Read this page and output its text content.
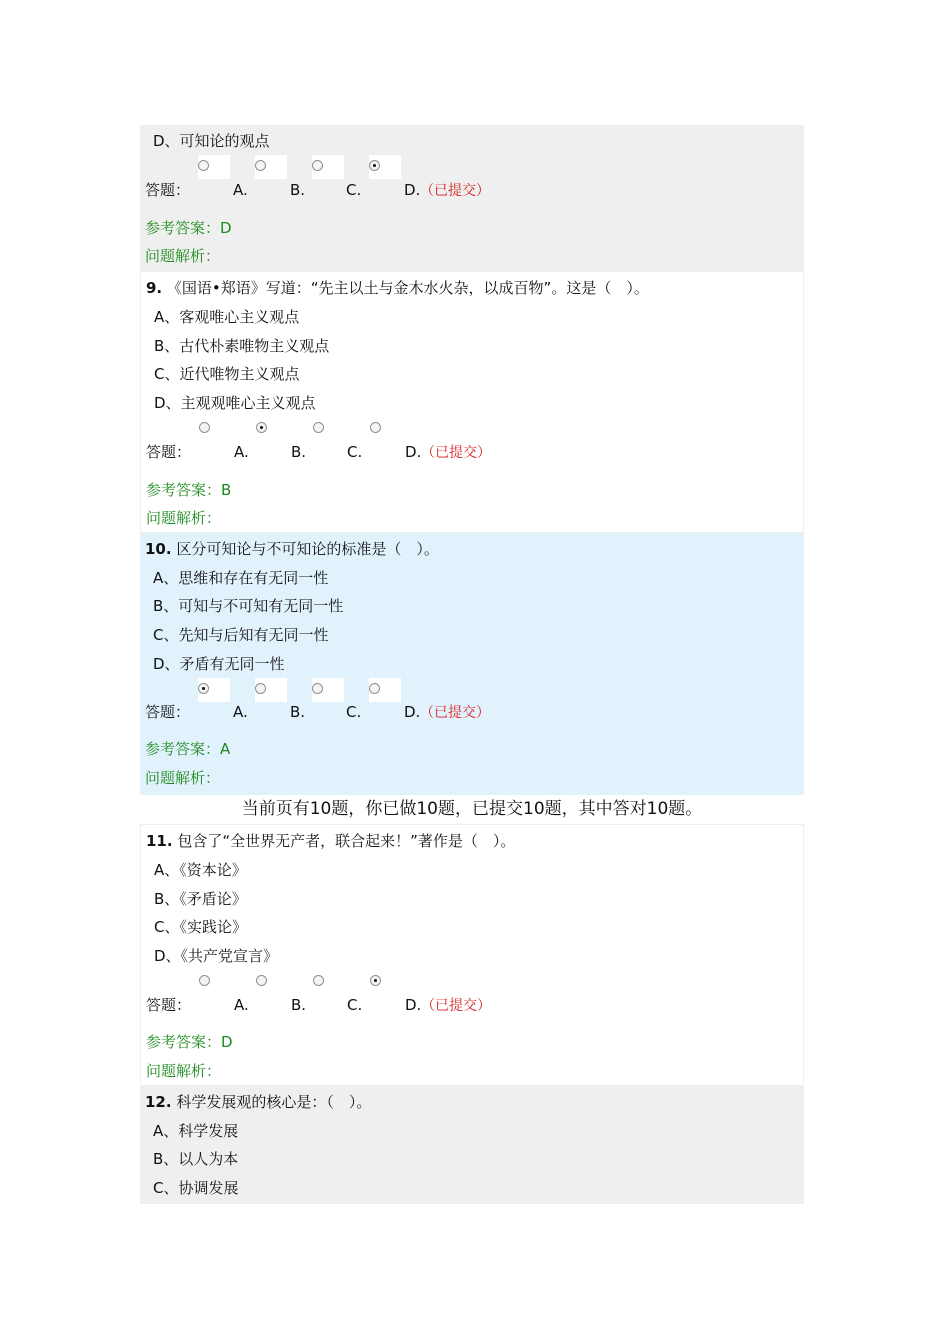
D、可知论的观点
答题：	A.	B.	C.	D. （已提交）
参考答案：D
问题解析：
9. 《国语•郑语》写道：“先主以土与金木水火杂，以成百物”。这是（　）。
A、客观唯心主义观点
B、古代朴素唯物主义观点
C、近代唯物主义观点
D、主观观唯心主义观点
答题：	A.	B.	C.	D. （已提交）
参考答案：B
问题解析：
10. 区分可知论与不可知论的标准是（　）。
A、思维和存在有无同一性
B、可知与不可知有无同一性
C、先知与后知有无同一性
D、矛盾有无同一性
答题：	A.	B.	C.	D. （已提交）
参考答案：A
问题解析：
当前页有10题，你已做10题，已提交10题，其中答对10题。
11. 包含了“全世界无产者，联合起来！”著作是（　）。
A、《资本论》
B、《矛盾论》
C、《实践论》
D、《共产党宣言》
答题：	A.	B.	C.	D. （已提交）
参考答案：D
问题解析：
12. 科学发展观的核心是：（　）。
A、科学发展
B、以人为本
C、协调发展
